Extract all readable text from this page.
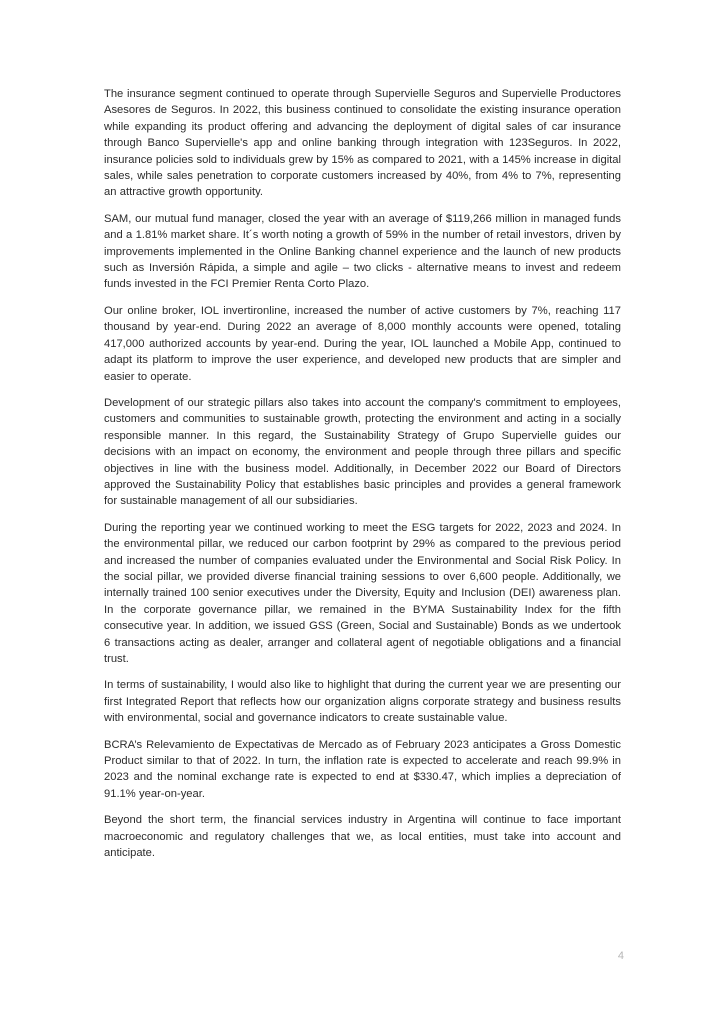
The insurance segment continued to operate through Supervielle Seguros and Supervielle Productores Asesores de Seguros. In 2022, this business continued to consolidate the existing insurance operation while expanding its product offering and advancing the deployment of digital sales of car insurance through Banco Supervielle's app and online banking through integration with 123Seguros. In 2022, insurance policies sold to individuals grew by 15% as compared to 2021, with a 145% increase in digital sales, while sales penetration to corporate customers increased by 40%, from 4% to 7%, representing an attractive growth opportunity.

SAM, our mutual fund manager, closed the year with an average of $119,266 million in managed funds and a 1.81% market share. It´s worth noting a growth of 59% in the number of retail investors, driven by improvements implemented in the Online Banking channel experience and the launch of new products such as Inversión Rápida, a simple and agile – two clicks - alternative means to invest and redeem funds invested in the FCI Premier Renta Corto Plazo.

Our online broker, IOL invertironline, increased the number of active customers by 7%, reaching 117 thousand by year-end. During 2022 an average of 8,000 monthly accounts were opened, totaling 417,000 authorized accounts by year-end. During the year, IOL launched a Mobile App, continued to adapt its platform to improve the user experience, and developed new products that are simpler and easier to operate.

Development of our strategic pillars also takes into account the company's commitment to employees, customers and communities to sustainable growth, protecting the environment and acting in a socially responsible manner. In this regard, the Sustainability Strategy of Grupo Supervielle guides our decisions with an impact on economy, the environment and people through three pillars and specific objectives in line with the business model. Additionally, in December 2022 our Board of Directors approved the Sustainability Policy that establishes basic principles and provides a general framework for sustainable management of all our subsidiaries.

During the reporting year we continued working to meet the ESG targets for 2022, 2023 and 2024. In the environmental pillar, we reduced our carbon footprint by 29% as compared to the previous period and increased the number of companies evaluated under the Environmental and Social Risk Policy. In the social pillar, we provided diverse financial training sessions to over 6,600 people. Additionally, we internally trained 100 senior executives under the Diversity, Equity and Inclusion (DEI) awareness plan. In the corporate governance pillar, we remained in the BYMA Sustainability Index for the fifth consecutive year. In addition, we issued GSS (Green, Social and Sustainable) Bonds as we undertook 6 transactions acting as dealer, arranger and collateral agent of negotiable obligations and a financial trust.

In terms of sustainability, I would also like to highlight that during the current year we are presenting our first Integrated Report that reflects how our organization aligns corporate strategy and business results with environmental, social and governance indicators to create sustainable value.

BCRA’s Relevamiento de Expectativas de Mercado as of February 2023 anticipates a Gross Domestic Product similar to that of 2022. In turn, the inflation rate is expected to accelerate and reach 99.9% in 2023 and the nominal exchange rate is expected to end at $330.47, which implies a depreciation of 91.1% year-on-year.

Beyond the short term, the financial services industry in Argentina will continue to face important macroeconomic and regulatory challenges that we, as local entities, must take into account and anticipate.

4
